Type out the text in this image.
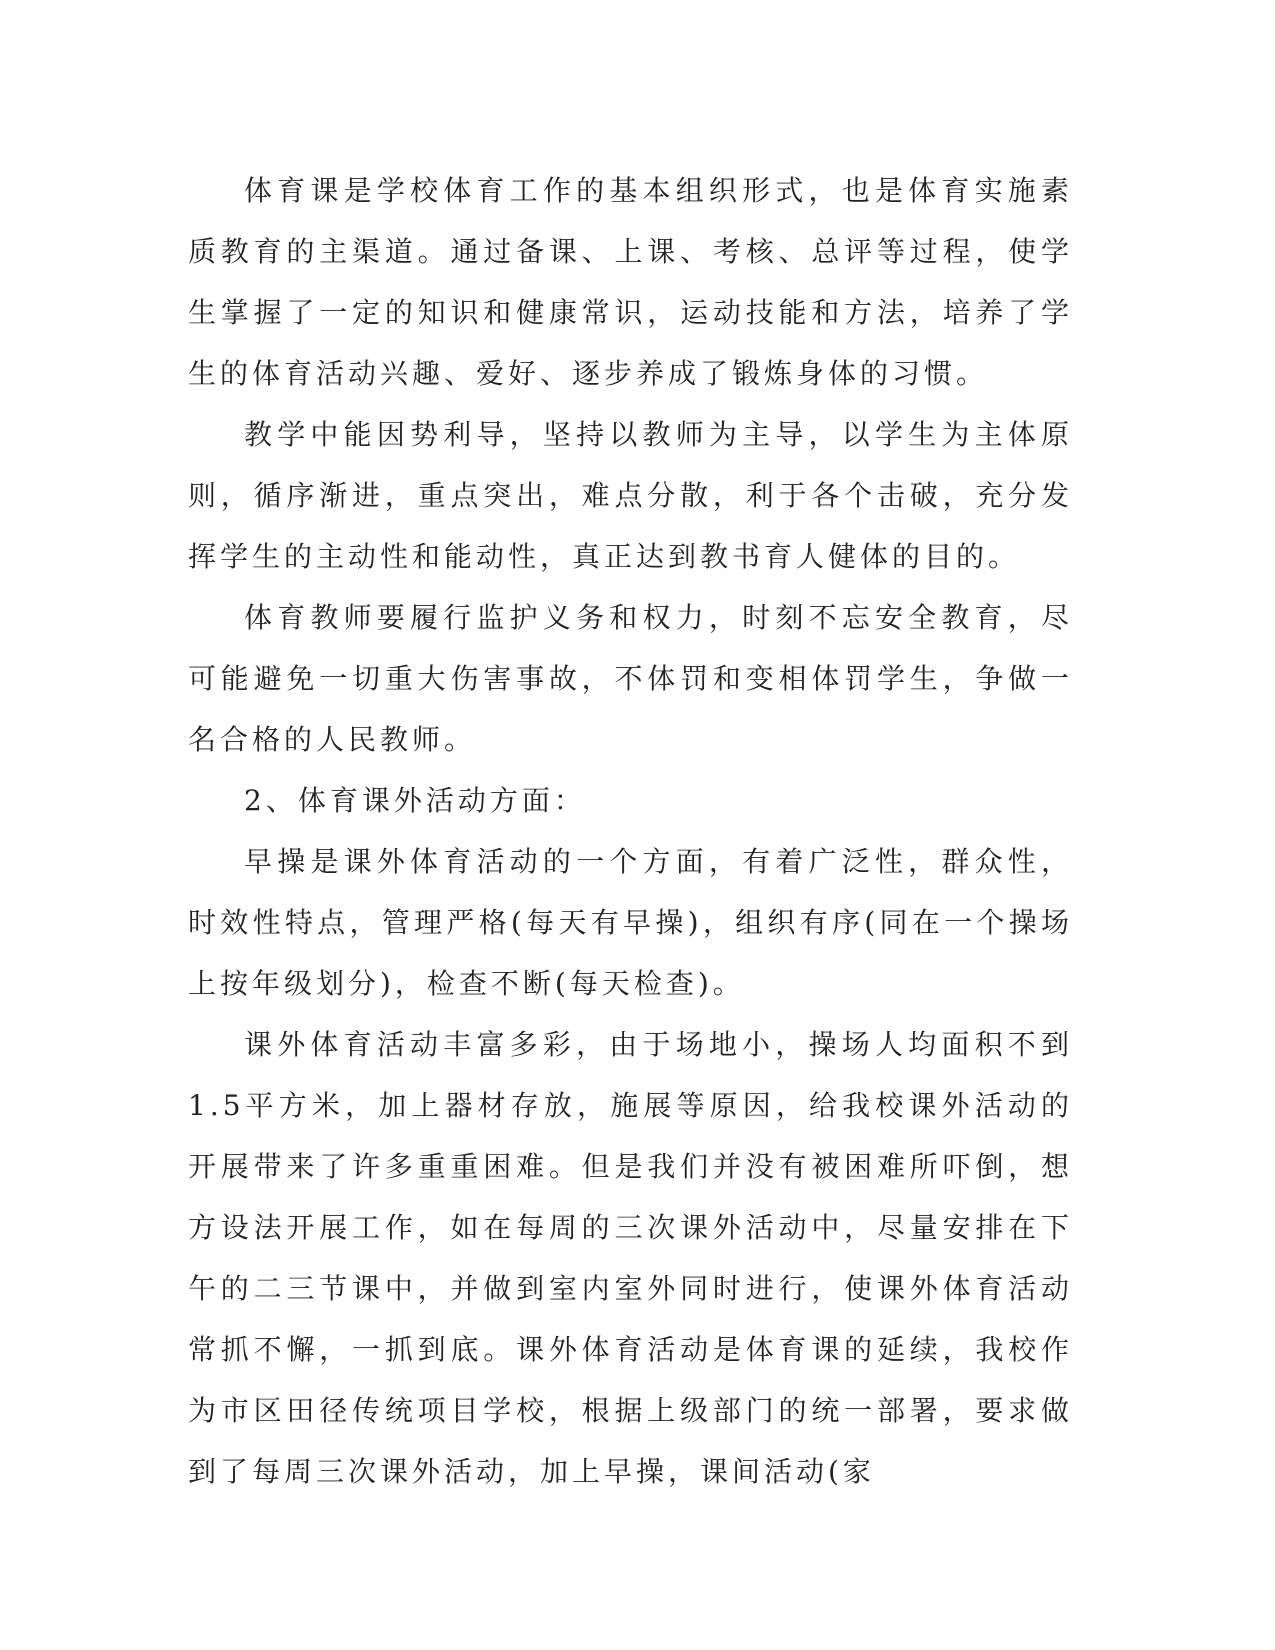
体育课是学校体育工作的基本组织形式，也是体育实施素质教育的主渠道。通过备课、上课、考核、总评等过程，使学生掌握了一定的知识和健康常识，运动技能和方法，培养了学生的体育活动兴趣、爱好、逐步养成了锻炼身体的习惯。

教学中能因势利导，坚持以教师为主导，以学生为主体原则，循序渐进，重点突出，难点分散，利于各个击破，充分发挥学生的主动性和能动性，真正达到教书育人健体的目的。

体育教师要履行监护义务和权力，时刻不忘安全教育，尽可能避免一切重大伤害事故，不体罚和变相体罚学生，争做一名合格的人民教师。

2、体育课外活动方面：

早操是课外体育活动的一个方面，有着广泛性，群众性，时效性特点，管理严格(每天有早操)，组织有序(同在一个操场上按年级划分)，检查不断(每天检查)。

课外体育活动丰富多彩，由于场地小，操场人均面积不到1.5平方米，加上器材存放，施展等原因，给我校课外活动的开展带来了许多重重困难。但是我们并没有被困难所吓倒，想方设法开展工作，如在每周的三次课外活动中，尽量安排在下午的二三节课中，并做到室内室外同时进行，使课外体育活动常抓不懈，一抓到底。课外体育活动是体育课的延续，我校作为市区田径传统项目学校，根据上级部门的统一部署，要求做到了每周三次课外活动，加上早操，课间活动(家
